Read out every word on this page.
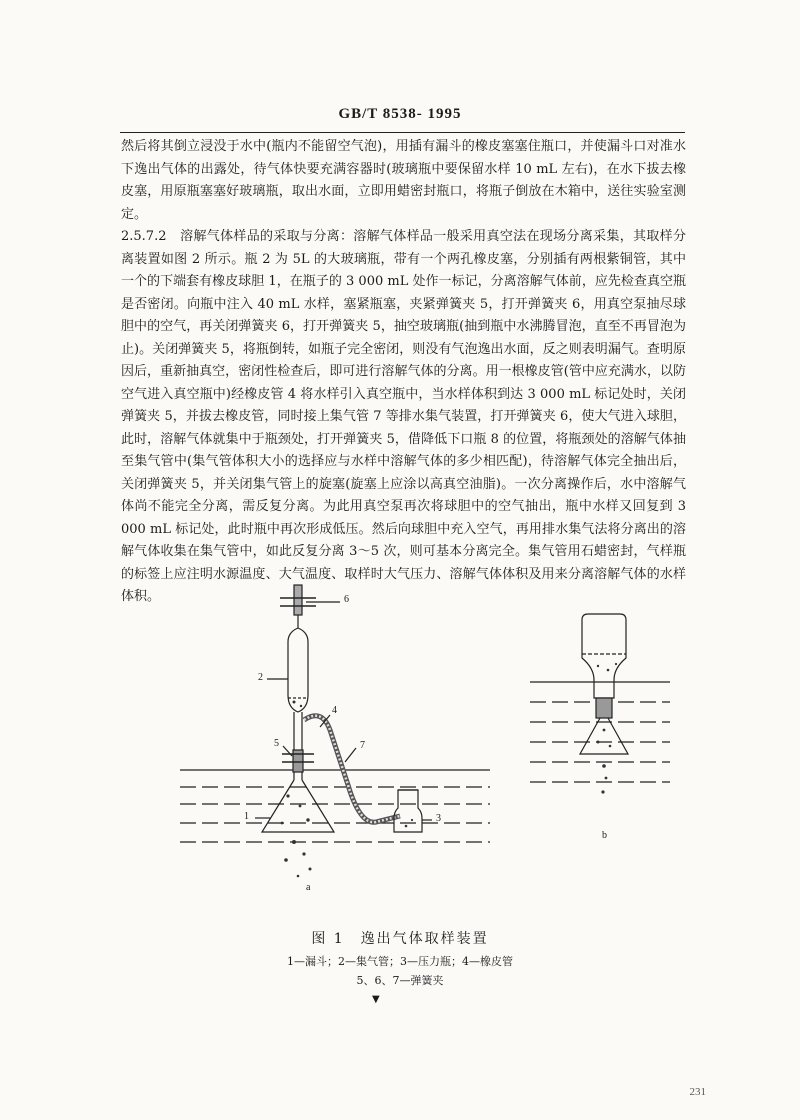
GB/T 8538- 1995

然后将其倒立浸没于水中(瓶内不能留空气泡)，用插有漏斗的橡皮塞塞住瓶口，并使漏斗口对准水下逸出气体的出露处，待气体快要充满容器时(玻璃瓶中要保留水样 10 mL 左右)，在水下拔去橡皮塞，用原瓶塞塞好玻璃瓶，取出水面，立即用蜡密封瓶口，将瓶子倒放在木箱中，送往实验室测定。

2.5.7.2　溶解气体样品的采取与分离：溶解气体样品一般采用真空法在现场分离采集，其取样分离装置如图 2 所示。瓶 2 为 5L 的大玻璃瓶，带有一个两孔橡皮塞，分别插有两根紫铜管，其中一个的下端套有橡皮球胆 1，在瓶子的 3 000 mL 处作一标记，分离溶解气体前，应先检查真空瓶是否密闭。向瓶中注入 40 mL 水样，塞紧瓶塞，夹紧弹簧夹 5，打开弹簧夹 6，用真空泵抽尽球胆中的空气，再关闭弹簧夹 6，打开弹簧夹 5，抽空玻璃瓶(抽到瓶中水沸腾冒泡，直至不再冒泡为止)。关闭弹簧夹 5，将瓶倒转，如瓶子完全密闭，则没有气泡逸出水面，反之则表明漏气。查明原因后，重新抽真空，密闭性检查后，即可进行溶解气体的分离。用一根橡皮管(管中应充满水，以防空气进入真空瓶中)经橡皮管 4 将水样引入真空瓶中，当水样体积到达 3 000 mL 标记处时，关闭弹簧夹 5，并拔去橡皮管，同时接上集气管 7 等排水集气装置，打开弹簧夹 6，使大气进入球胆，此时，溶解气体就集中于瓶颈处，打开弹簧夹 5，借降低下口瓶 8 的位置，将瓶颈处的溶解气体抽至集气管中(集气管体积大小的选择应与水样中溶解气体的多少相匹配)，待溶解气体完全抽出后，关闭弹簧夹 5，并关闭集气管上的旋塞(旋塞上应涂以高真空油脂)。一次分离操作后，水中溶解气体尚不能完全分离，需反复分离。为此用真空泵再次将球胆中的空气抽出，瓶中水样又回复到 3 000 mL 标记处，此时瓶中再次形成低压。然后向球胆中充入空气，再用排水集气法将分离出的溶解气体收集在集气管中，如此反复分离 3～5 次，则可基本分离完全。集气管用石蜡密封，气样瓶的标签上应注明水源温度、大气温度、取样时大气压力、溶解气体体积及用来分离溶解气体的水样体积。	6
2
4
5	7
1	3
a
b
图 1　逸出气体取样装置
1—漏斗；2—集气管；3—压力瓶；4—橡皮管
5、6、7—弹簧夹
▼
231
